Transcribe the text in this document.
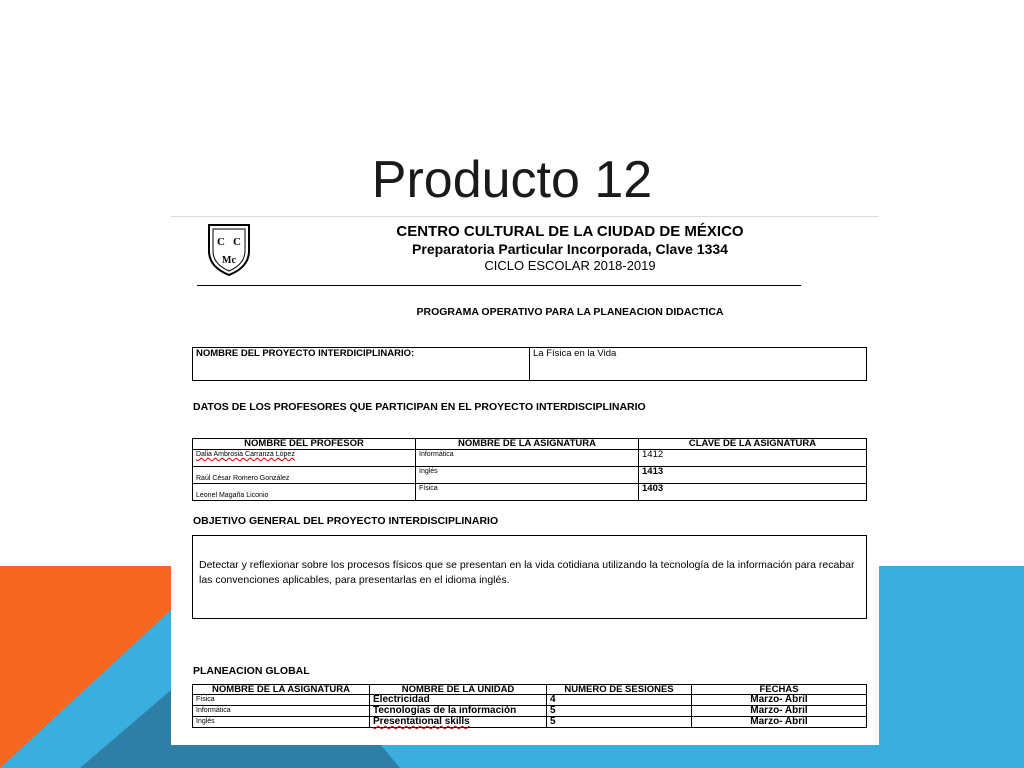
Producto 12
C C
Mc
CENTRO CULTURAL DE LA CIUDAD DE MÉXICO
Preparatoria Particular Incorporada, Clave 1334
CICLO ESCOLAR 2018-2019
PROGRAMA OPERATIVO PARA LA PLANEACION DIDACTICA
NOMBRE DEL PROYECTO INTERDICIPLINARIO:	La Física en la Vida
DATOS DE LOS PROFESORES QUE PARTICIPAN EN EL PROYECTO INTERDISCIPLINARIO
NOMBRE DEL PROFESOR	NOMBRE DE LA ASIGNATURA	CLAVE DE LA ASIGNATURA
Dalia Ambrosia Carranza López	Informática	1412
Raúl César Romero González	Inglés	1413
Leonel Magaña Liconio	Física	1403
OBJETIVO GENERAL DEL PROYECTO INTERDISCIPLINARIO
Detectar y reflexionar sobre los procesos físicos que se presentan en la vida cotidiana utilizando la tecnología de la información para recabar las convenciones aplicables, para presentarlas en el idioma inglés.
PLANEACION GLOBAL
NOMBRE DE LA ASIGNATURA	NOMBRE DE LA UNIDAD	NUMERO DE SESIONES	FECHAS
Física	Electricidad	4	Marzo- Abril
Informática	Tecnologías de la información	5	Marzo- Abril
Inglés	Presentational skills	5	Marzo- Abril
